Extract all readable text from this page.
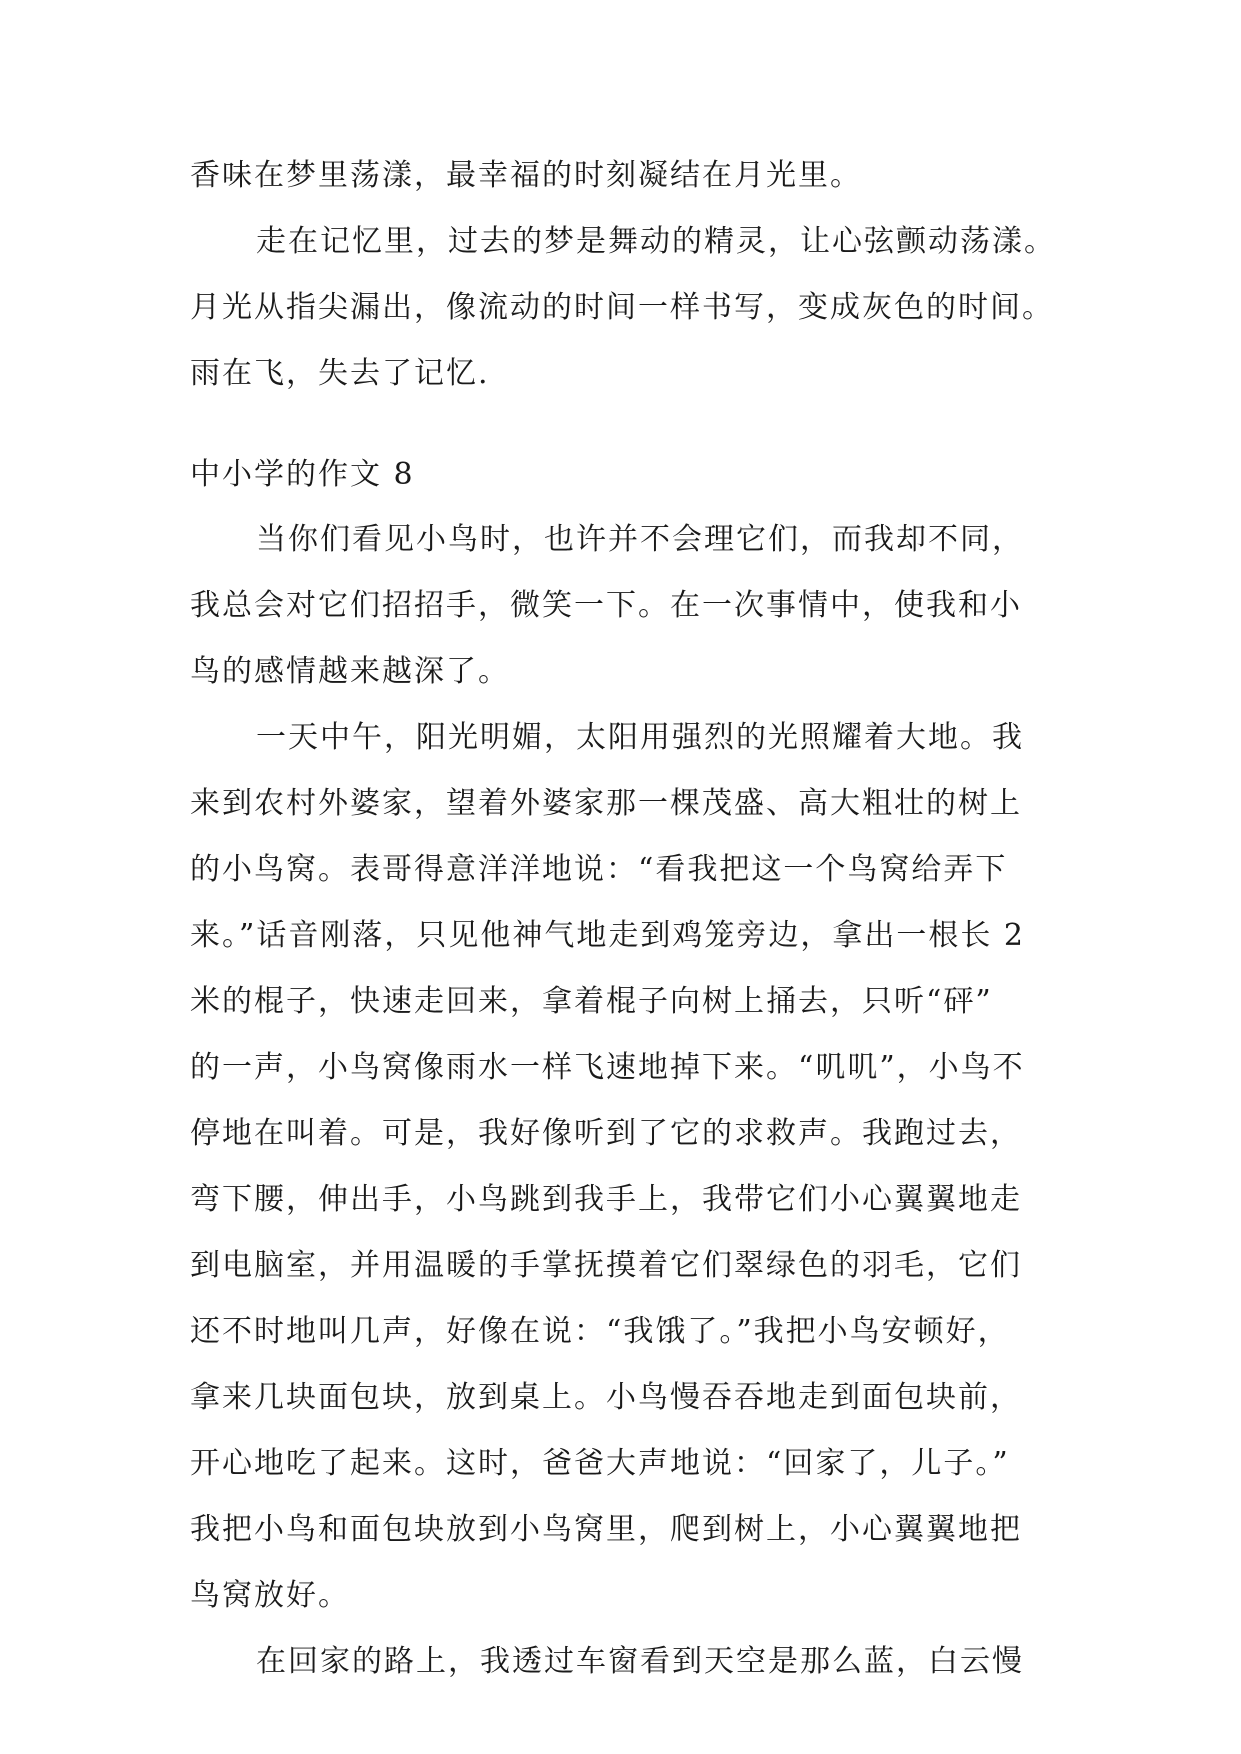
香味在梦里荡漾，最幸福的时刻凝结在月光里。
走在记忆里，过去的梦是舞动的精灵，让心弦颤动荡漾。
月光从指尖漏出，像流动的时间一样书写，变成灰色的时间。
雨在飞，失去了记忆.
中小学的作文 8
当你们看见小鸟时，也许并不会理它们，而我却不同，
我总会对它们招招手，微笑一下。在一次事情中，使我和小
鸟的感情越来越深了。
一天中午，阳光明媚，太阳用强烈的光照耀着大地。我
来到农村外婆家，望着外婆家那一棵茂盛、高大粗壮的树上
的小鸟窝。表哥得意洋洋地说：“看我把这一个鸟窝给弄下
来。”话音刚落，只见他神气地走到鸡笼旁边，拿出一根长 2
米的棍子，快速走回来，拿着棍子向树上捅去，只听“砰”
的一声，小鸟窝像雨水一样飞速地掉下来。“叽叽”，小鸟不
停地在叫着。可是，我好像听到了它的求救声。我跑过去，
弯下腰，伸出手，小鸟跳到我手上，我带它们小心翼翼地走
到电脑室，并用温暖的手掌抚摸着它们翠绿色的羽毛，它们
还不时地叫几声，好像在说：“我饿了。”我把小鸟安顿好，
拿来几块面包块，放到桌上。小鸟慢吞吞地走到面包块前，
开心地吃了起来。这时，爸爸大声地说：“回家了，儿子。”
我把小鸟和面包块放到小鸟窝里，爬到树上，小心翼翼地把
鸟窝放好。
在回家的路上，我透过车窗看到天空是那么蓝，白云慢
